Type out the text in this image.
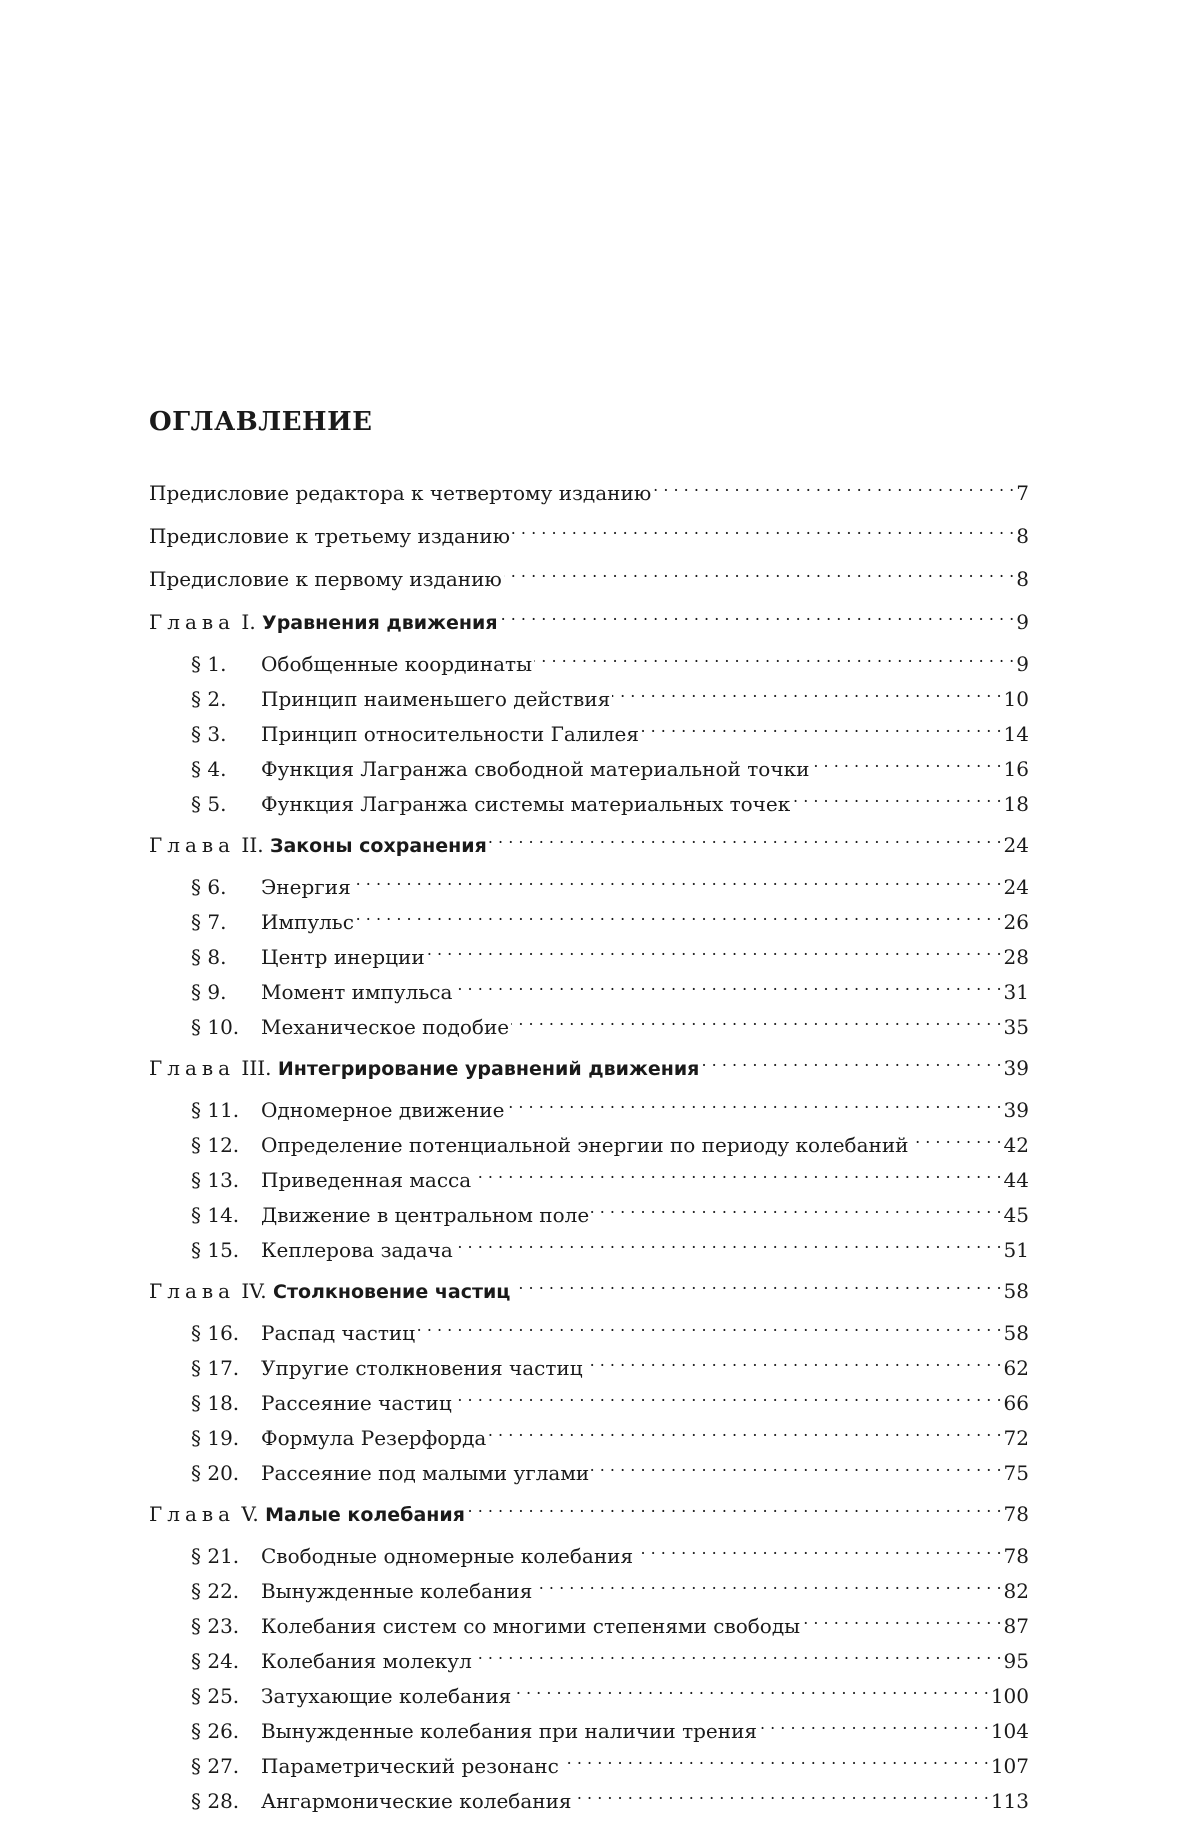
ОГЛАВЛЕНИЕ
Предисловие редактора к четвертому изданию . . .	7
Предисловие к третьему изданию . . .	8
Предисловие к первому изданию . . .	8
Глава I. Уравнения движения . . .	9
§ 1. Обобщенные координаты . . .	9
§ 2. Принцип наименьшего действия . . .	10
§ 3. Принцип относительности Галилея . . .	14
§ 4. Функция Лагранжа свободной материальной точки . . .	16
§ 5. Функция Лагранжа системы материальных точек . . .	18
Глава II. Законы сохранения . . .	24
§ 6. Энергия . . .	24
§ 7. Импульс . . .	26
§ 8. Центр инерции . . .	28
§ 9. Момент импульса . . .	31
§ 10. Механическое подобие . . .	35
Глава III. Интегрирование уравнений движения . . .	39
§ 11. Одномерное движение . . .	39
§ 12. Определение потенциальной энергии по периоду колебаний . . .	42
§ 13. Приведенная масса . . .	44
§ 14. Движение в центральном поле . . .	45
§ 15. Кеплерова задача . . .	51
Глава IV. Столкновение частиц . . .	58
§ 16. Распад частиц . . .	58
§ 17. Упругие столкновения частиц . . .	62
§ 18. Рассеяние частиц . . .	66
§ 19. Формула Резерфорда . . .	72
§ 20. Рассеяние под малыми углами . . .	75
Глава V. Малые колебания . . .	78
§ 21. Свободные одномерные колебания . . .	78
§ 22. Вынужденные колебания . . .	82
§ 23. Колебания систем со многими степенями свободы . . .	87
§ 24. Колебания молекул . . .	95
§ 25. Затухающие колебания . . .	100
§ 26. Вынужденные колебания при наличии трения . . .	104
§ 27. Параметрический резонанс . . .	107
§ 28. Ангармонические колебания . . .	113
